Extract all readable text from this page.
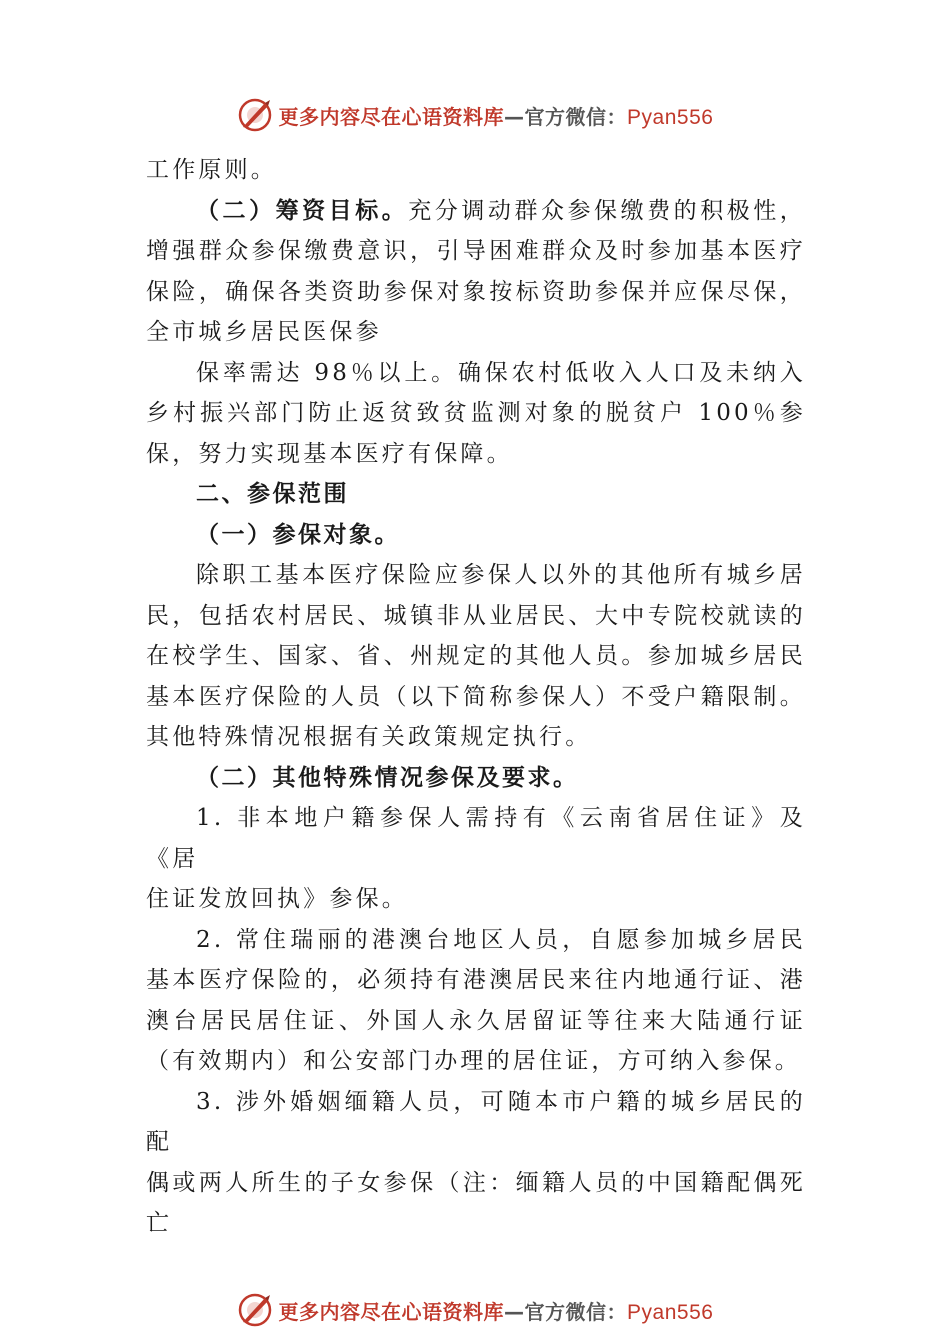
更多内容尽在心语资料库—官方微信：Pyan556

工作原则。

（二）筹资目标。充分调动群众参保缴费的积极性，增强群众参保缴费意识，引导困难群众及时参加基本医疗保险，确保各类资助参保对象按标资助参保并应保尽保，全市城乡居民医保参

保率需达 98％以上。确保农村低收入人口及未纳入乡村振兴部门防止返贫致贫监测对象的脱贫户 100％参保，努力实现基本医疗有保障。

二、参保范围

（一）参保对象。

除职工基本医疗保险应参保人以外的其他所有城乡居民，包括农村居民、城镇非从业居民、大中专院校就读的在校学生、国家、省、州规定的其他人员。参加城乡居民基本医疗保险的人员（以下简称参保人）不受户籍限制。其他特殊情况根据有关政策规定执行。

（二）其他特殊情况参保及要求。

1. 非本地户籍参保人需持有《云南省居住证》及《居

住证发放回执》参保。

2. 常住瑞丽的港澳台地区人员，自愿参加城乡居民基本医疗保险的，必须持有港澳居民来往内地通行证、港澳台居民居住证、外国人永久居留证等往来大陆通行证（有效期内）和公安部门办理的居住证，方可纳入参保。

3. 涉外婚姻缅籍人员，可随本市户籍的城乡居民的配

偶或两人所生的子女参保（注：缅籍人员的中国籍配偶死亡

更多内容尽在心语资料库—官方微信：Pyan556
